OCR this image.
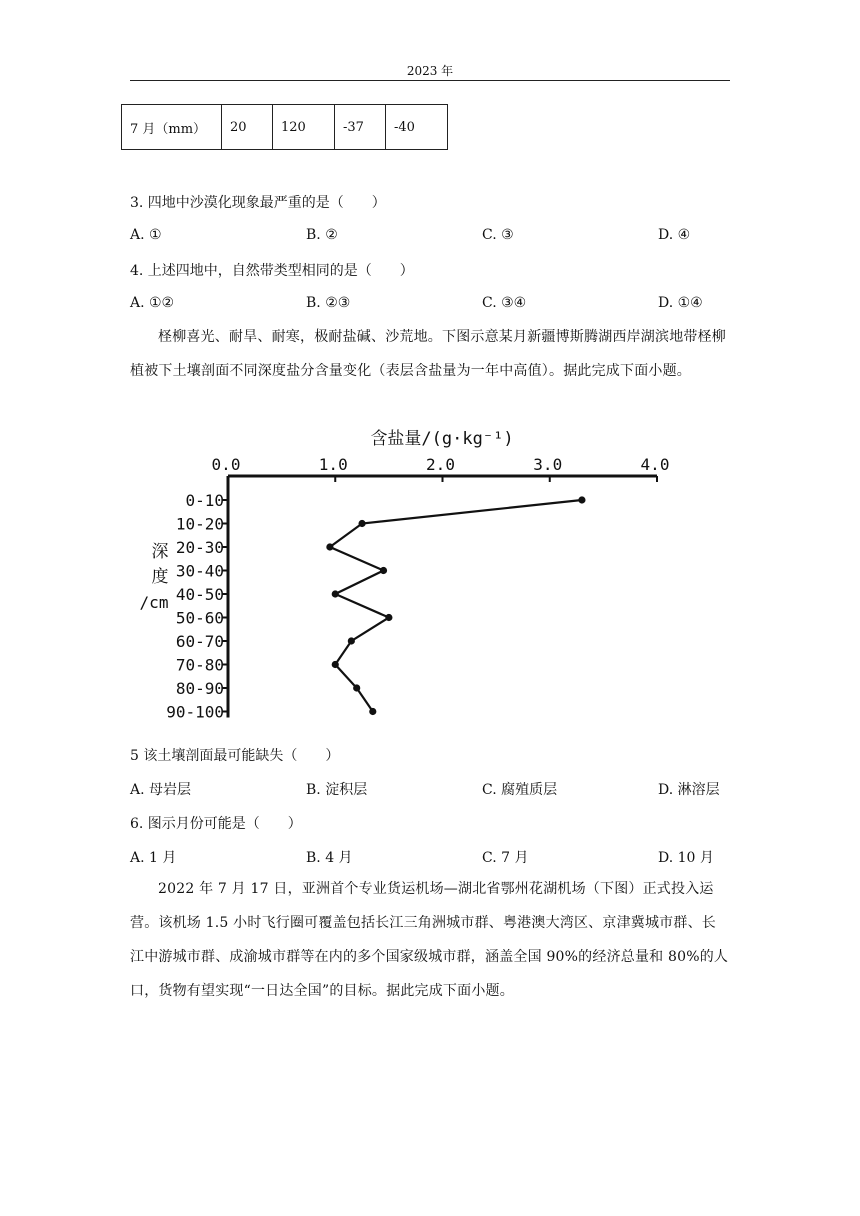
2023 年
7 月（mm）	20	120	-37	-40
3. 四地中沙漠化现象最严重的是（　　）
A. ①	B. ②	C. ③	D. ④
4. 上述四地中，自然带类型相同的是（　　）
A. ①②	B. ②③	C. ③④	D. ①④
柽柳喜光、耐旱、耐寒，极耐盐碱、沙荒地。下图示意某月新疆博斯腾湖西岸湖滨地带柽柳植被下土壤剖面不同深度盐分含量变化（表层含盐量为一年中高值）。据此完成下面小题。
含盐量/(g·kg⁻¹)
0.0	1.0	2.0	3.0	4.0
0-10
10-20
20-30
30-40
40-50
50-60
60-70
70-80
80-90
90-100
深
度
/cm
5 该土壤剖面最可能缺失（　　）
A. 母岩层	B. 淀积层	C. 腐殖质层	D. 淋溶层
6. 图示月份可能是（　　）
A. 1 月	B. 4 月	C. 7 月	D. 10 月
2022 年 7 月 17 日，亚洲首个专业货运机场—湖北省鄂州花湖机场（下图）正式投入运营。该机场 1.5 小时飞行圈可覆盖包括长江三角洲城市群、粤港澳大湾区、京津冀城市群、长江中游城市群、成渝城市群等在内的多个国家级城市群，涵盖全国 90%的经济总量和 80%的人口，货物有望实现“一日达全国”的目标。据此完成下面小题。
